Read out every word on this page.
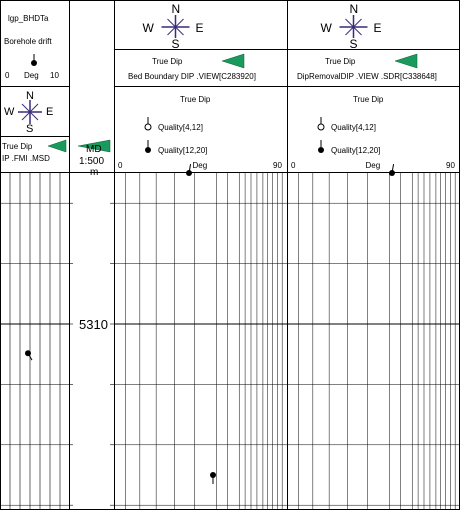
lgp_BHDTa
Borehole drift
0 Deg 10
N
S
W	E
True Dip
IP .FMI .MSD
MD
1:500
m
N
S
W	E
True Dip
Bed Boundary DIP .VIEW[C283920]
True Dip
Quality[4,12]
Quality[12,20]
0	Deg	90
N
S
W	E
True Dip
DipRemovalDIP .VIEW .SDR[C338648]
True Dip
Quality[4,12]
Quality[12,20]
0	Deg	90
5310
